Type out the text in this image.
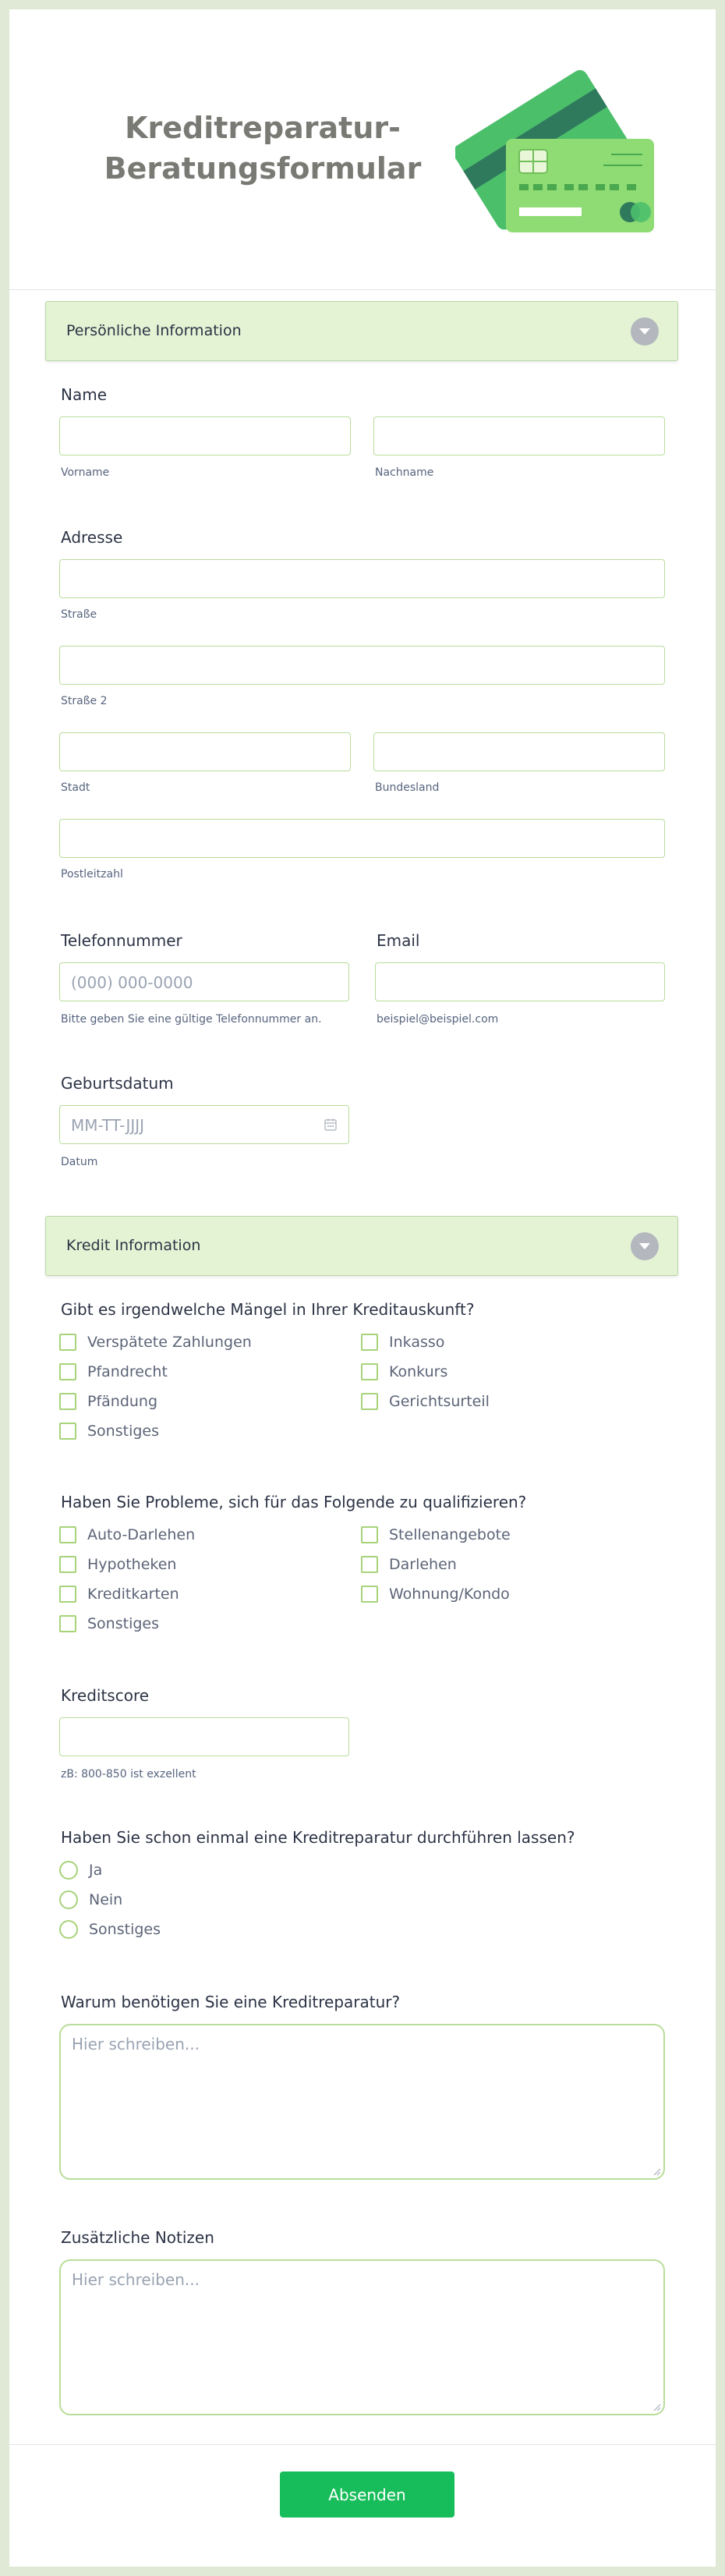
Kreditreparatur-
Beratungsformular
Persönliche Information
Name
Vorname	Nachname
Adresse
Straße
Straße 2
Stadt	Bundesland
Postleitzahl
Telefonnummer	Email
(000) 000-0000
Bitte geben Sie eine gültige Telefonnummer an.	beispiel@beispiel.com
Geburtsdatum
MM-TT-JJJJ
Datum
Kredit Information
Gibt es irgendwelche Mängel in Ihrer Kreditauskunft?
Verspätete Zahlungen
Pfandrecht
Pfändung
Sonstiges
Inkasso
Konkurs
Gerichtsurteil
Haben Sie Probleme, sich für das Folgende zu qualifizieren?
Auto-Darlehen
Hypotheken
Kreditkarten
Sonstiges
Stellenangebote
Darlehen
Wohnung/Kondo
Kreditscore
zB: 800-850 ist exzellent
Haben Sie schon einmal eine Kreditreparatur durchführen lassen?
Ja
Nein
Sonstiges
Warum benötigen Sie eine Kreditreparatur?
Hier schreiben...
Zusätzliche Notizen
Hier schreiben...
Absenden
